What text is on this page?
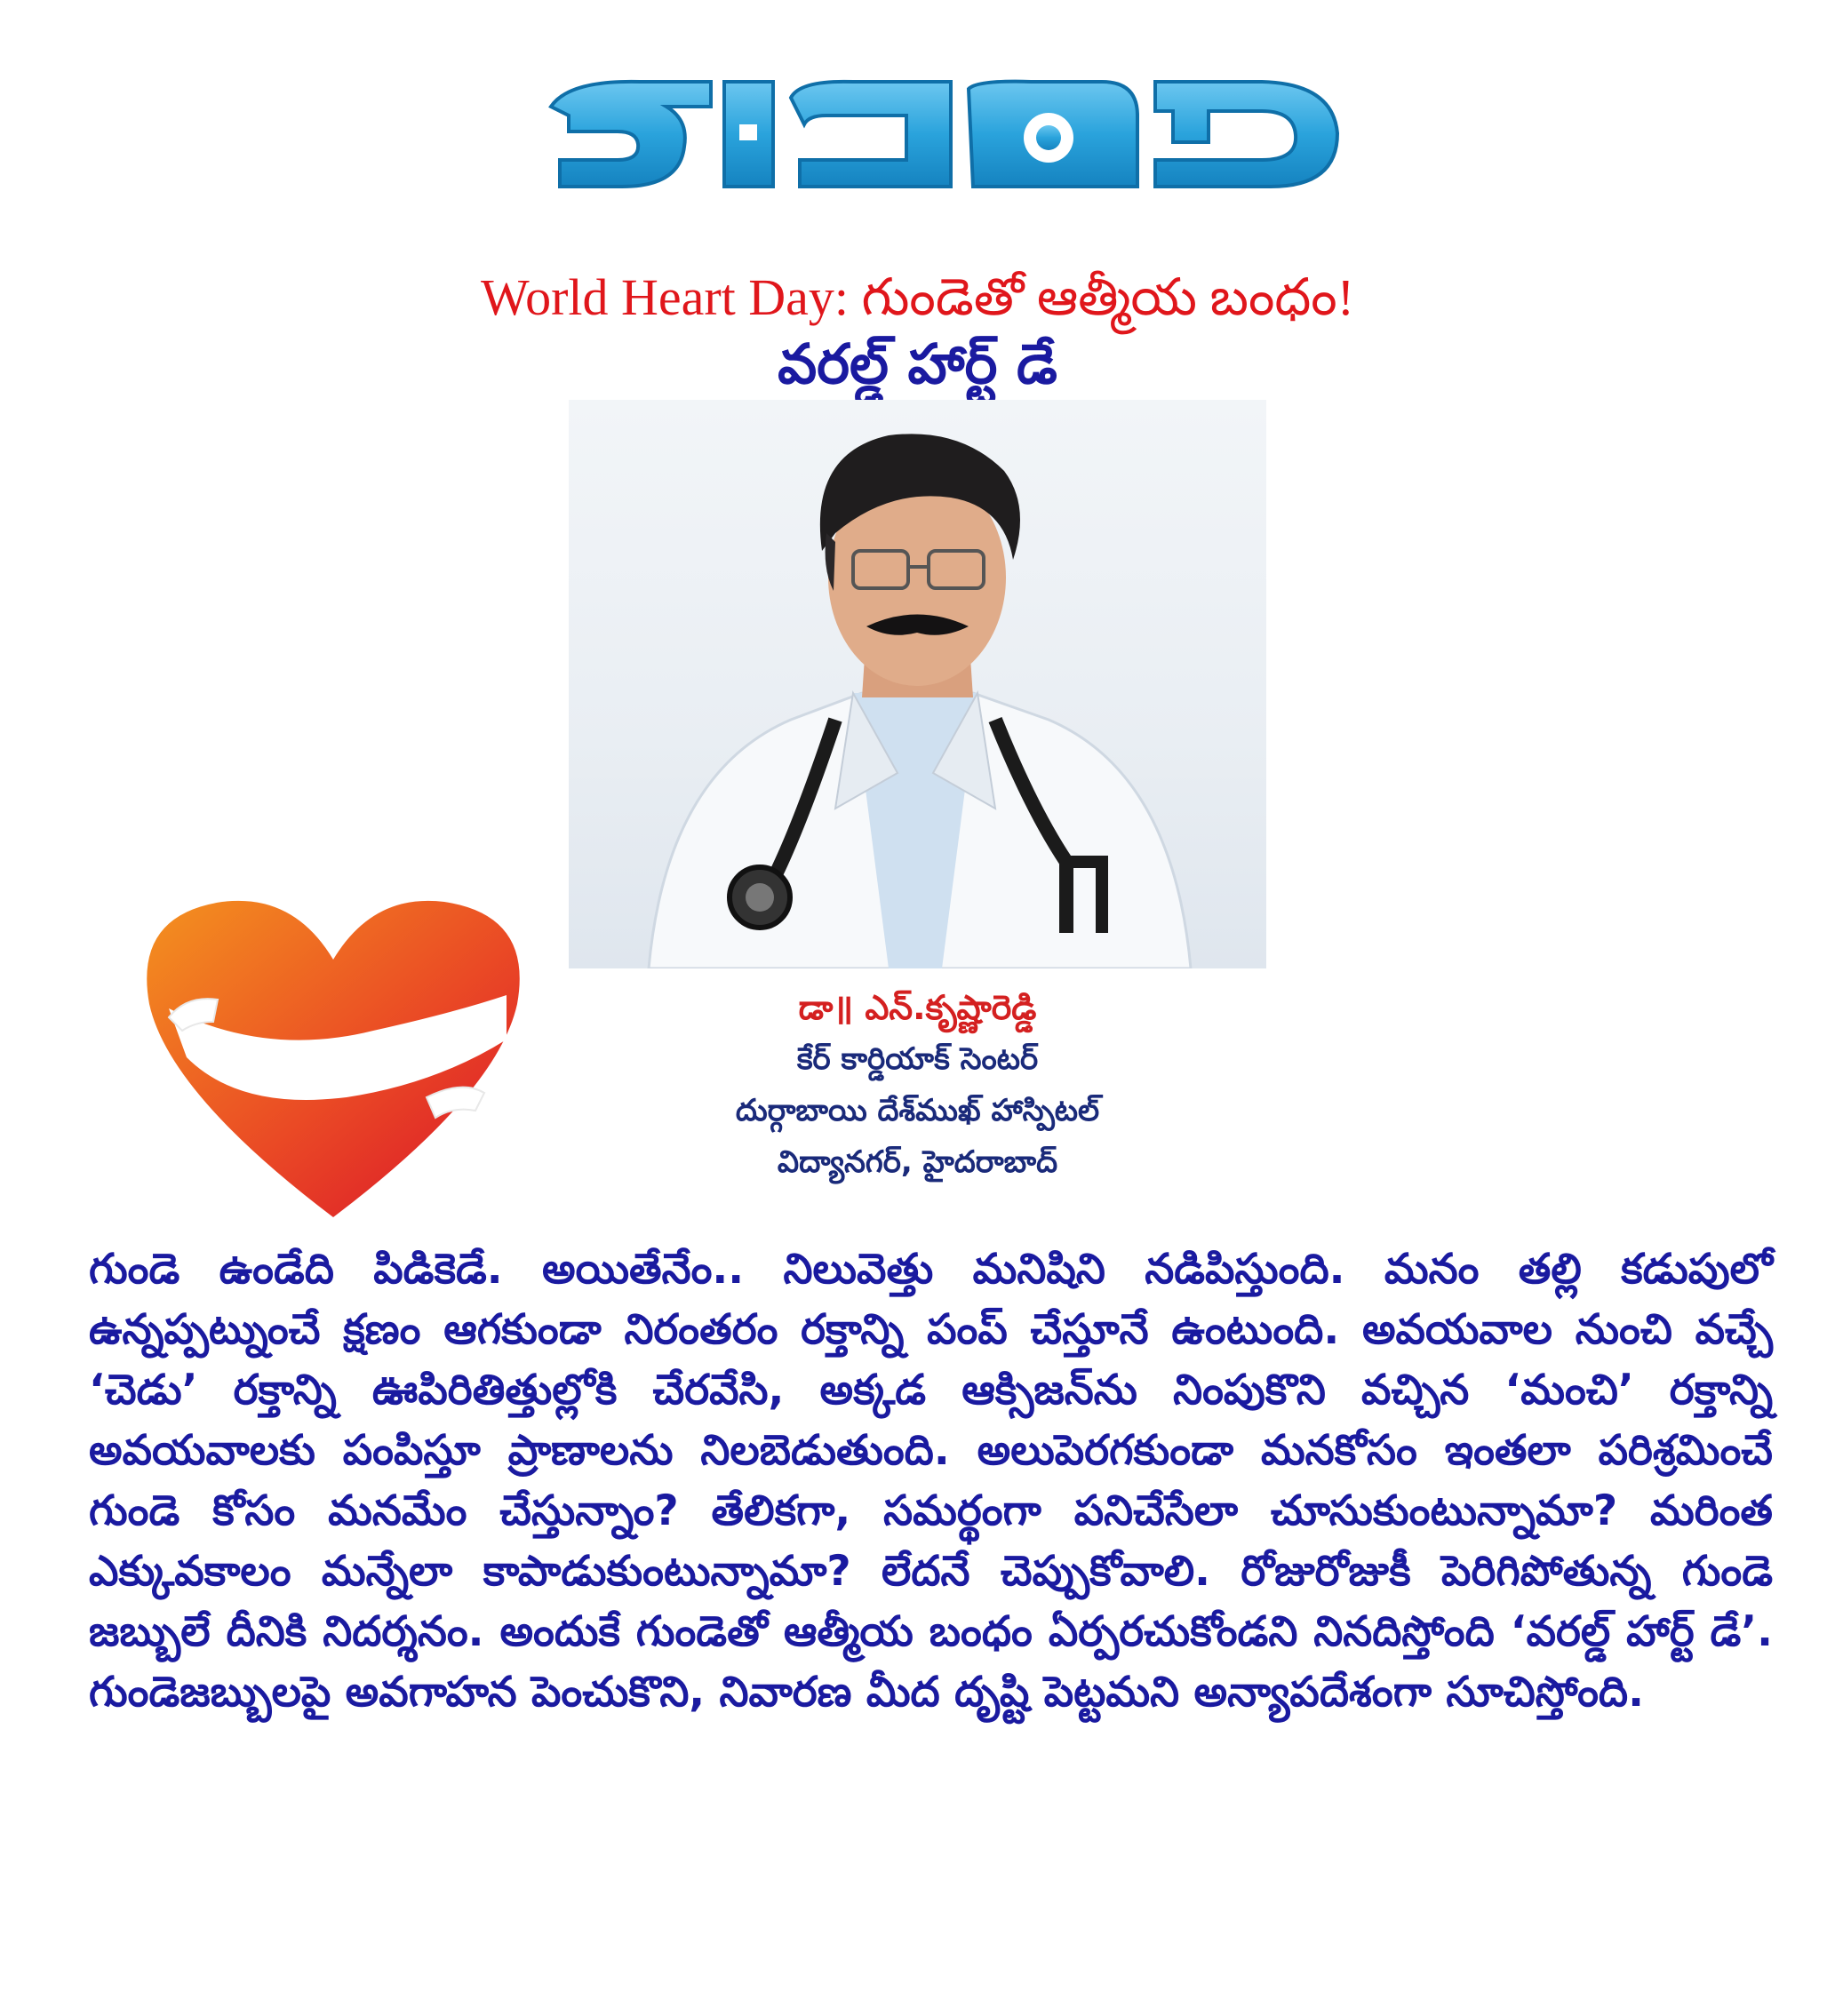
World Heart Day: గుండెతో ఆత్మీయ బంధం!
వరల్డ్ హార్ట్ డే
డా॥ ఎన్.కృష్ణారెడ్డి
కేర్ కార్డియాక్ సెంటర్
దుర్గాబాయి దేశ్‌ముఖ్ హాస్పిటల్
విద్యానగర్, హైదరాబాద్
గుండె ఉండేది పిడికెడే. అయితేనేం.. నిలువెత్తు మనిషిని నడిపిస్తుంది. మనం తల్లి కడుపులో ఉన్నప్పట్నుంచే క్షణం ఆగకుండా నిరంతరం రక్తాన్ని పంప్ చేస్తూనే ఉంటుంది. అవయవాల నుంచి వచ్చే ‘చెడు’ రక్తాన్ని ఊపిరితిత్తుల్లోకి చేరవేసి, అక్కడ ఆక్సిజన్‌ను నింపుకొని వచ్చిన ‘మంచి’ రక్తాన్ని అవయవాలకు పంపిస్తూ ప్రాణాలను నిలబెడుతుంది. అలుపెరగకుండా మనకోసం ఇంతలా పరిశ్రమించే గుండె కోసం మనమేం చేస్తున్నాం? తేలికగా, సమర్థంగా పనిచేసేలా చూసుకుంటున్నామా? మరింత ఎక్కువకాలం మన్నేలా కాపాడుకుంటున్నామా? లేదనే చెప్పుకోవాలి. రోజురోజుకీ పెరిగిపోతున్న గుండె జబ్బులే దీనికి నిదర్శనం. అందుకే గుండెతో ఆత్మీయ బంధం ఏర్పరచుకోండని నినదిస్తోంది ‘వరల్డ్ హార్ట్ డే’. గుండెజబ్బులపై అవగాహన పెంచుకొని, నివారణ మీద దృష్టి పెట్టమని అన్యాపదేశంగా సూచిస్తోంది.
